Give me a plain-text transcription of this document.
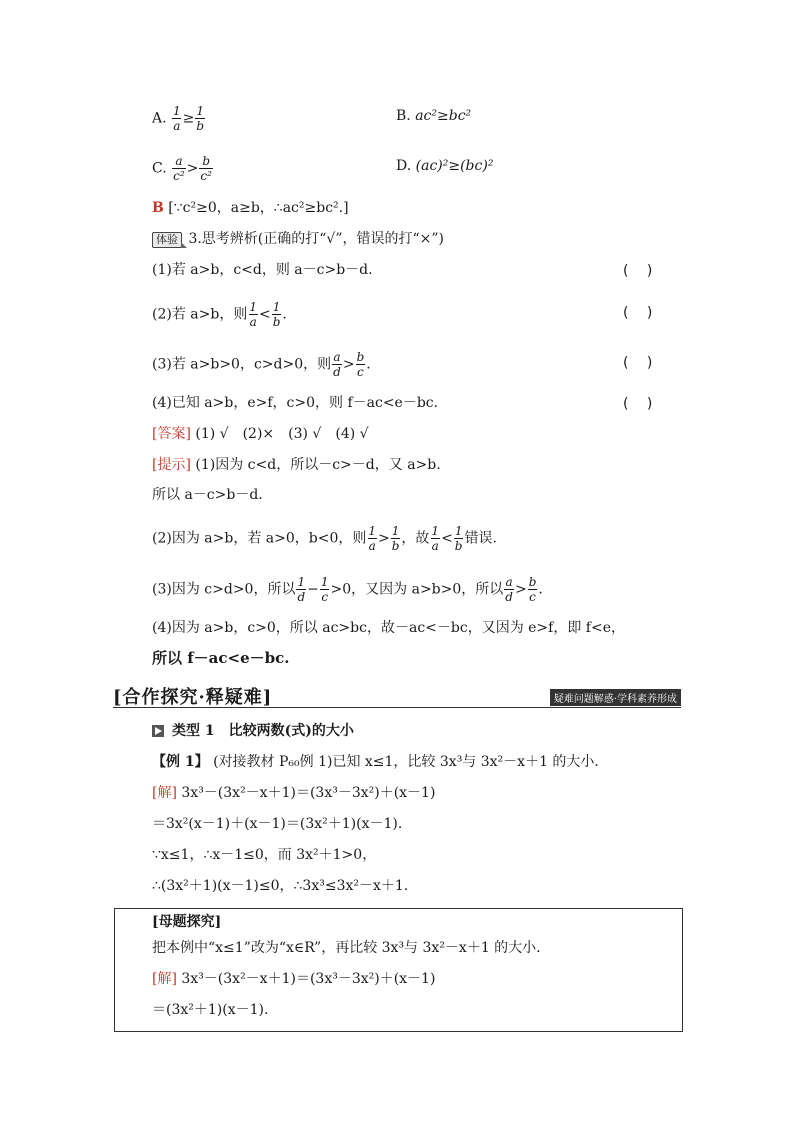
A. $\frac{1}{a} \ge \frac{1}{b}$	B. ac²≥bc²
C. $\frac{a}{\text{c²}} > \frac{b}{\text{c²}}$	D. (ac)²≥(bc)²
B [∵c²≥0，a≥b，∴ac²≥bc².]
体验 3.思考辨析(正确的打“√”，错误的打“×”)
(1)若 a>b，c<d，则 a－c>b－d.	(　 )
(2)若 a>b，则 $\frac{1}{a} < \frac{1}{b}$ .	(　 )
(3)若 a>b>0，c>d>0，则 $\frac{a}{d} > \frac{b}{c}$ .	(　 )
(4)已知 a>b，e>f，c>0，则 f－ac<e－bc.	(　 )
[答案] (1) √　(2)×　(3) √　(4) √
[提示] (1)因为 c<d，所以－c>－d，又 a>b.
所以 a－c>b－d.
(2)因为 a>b，若 a>0，b<0，则 $\frac{1}{a} > \frac{1}{b}$ ，故 $\frac{1}{a} < \frac{1}{b}$ 错误.
(3)因为 c>d>0，所以 $\frac{1}{d} - \frac{1}{c} >0$，又因为 a>b>0，所以 $\frac{a}{d} > \frac{b}{c}$ .
(4)因为 a>b，c>0，所以 ac>bc，故－ac<－bc，又因为 e>f，即 f<e，
所以 f－ac<e－bc.
[合作探究·释疑难]	疑难问题解惑·学科素养形成
类型 1　比较两数(式)的大小
【例 1】 (对接教材 P₆₀例 1)已知 x≤1，比较 3x³与 3x²－x＋1 的大小.
[解] 3x³－(3x²－x＋1)＝(3x³－3x²)＋(x－1)
＝3x²(x－1)＋(x－1)＝(3x²＋1)(x－1).
∵x≤1，∴x－1≤0，而 3x²＋1>0，
∴(3x²＋1)(x－1)≤0，∴3x³≤3x²－x＋1.
[母题探究]
把本例中“x≤1”改为“x∈R”，再比较 3x³与 3x²－x＋1 的大小.
[解] 3x³－(3x²－x＋1)＝(3x³－3x²)＋(x－1)
＝(3x²＋1)(x－1).
